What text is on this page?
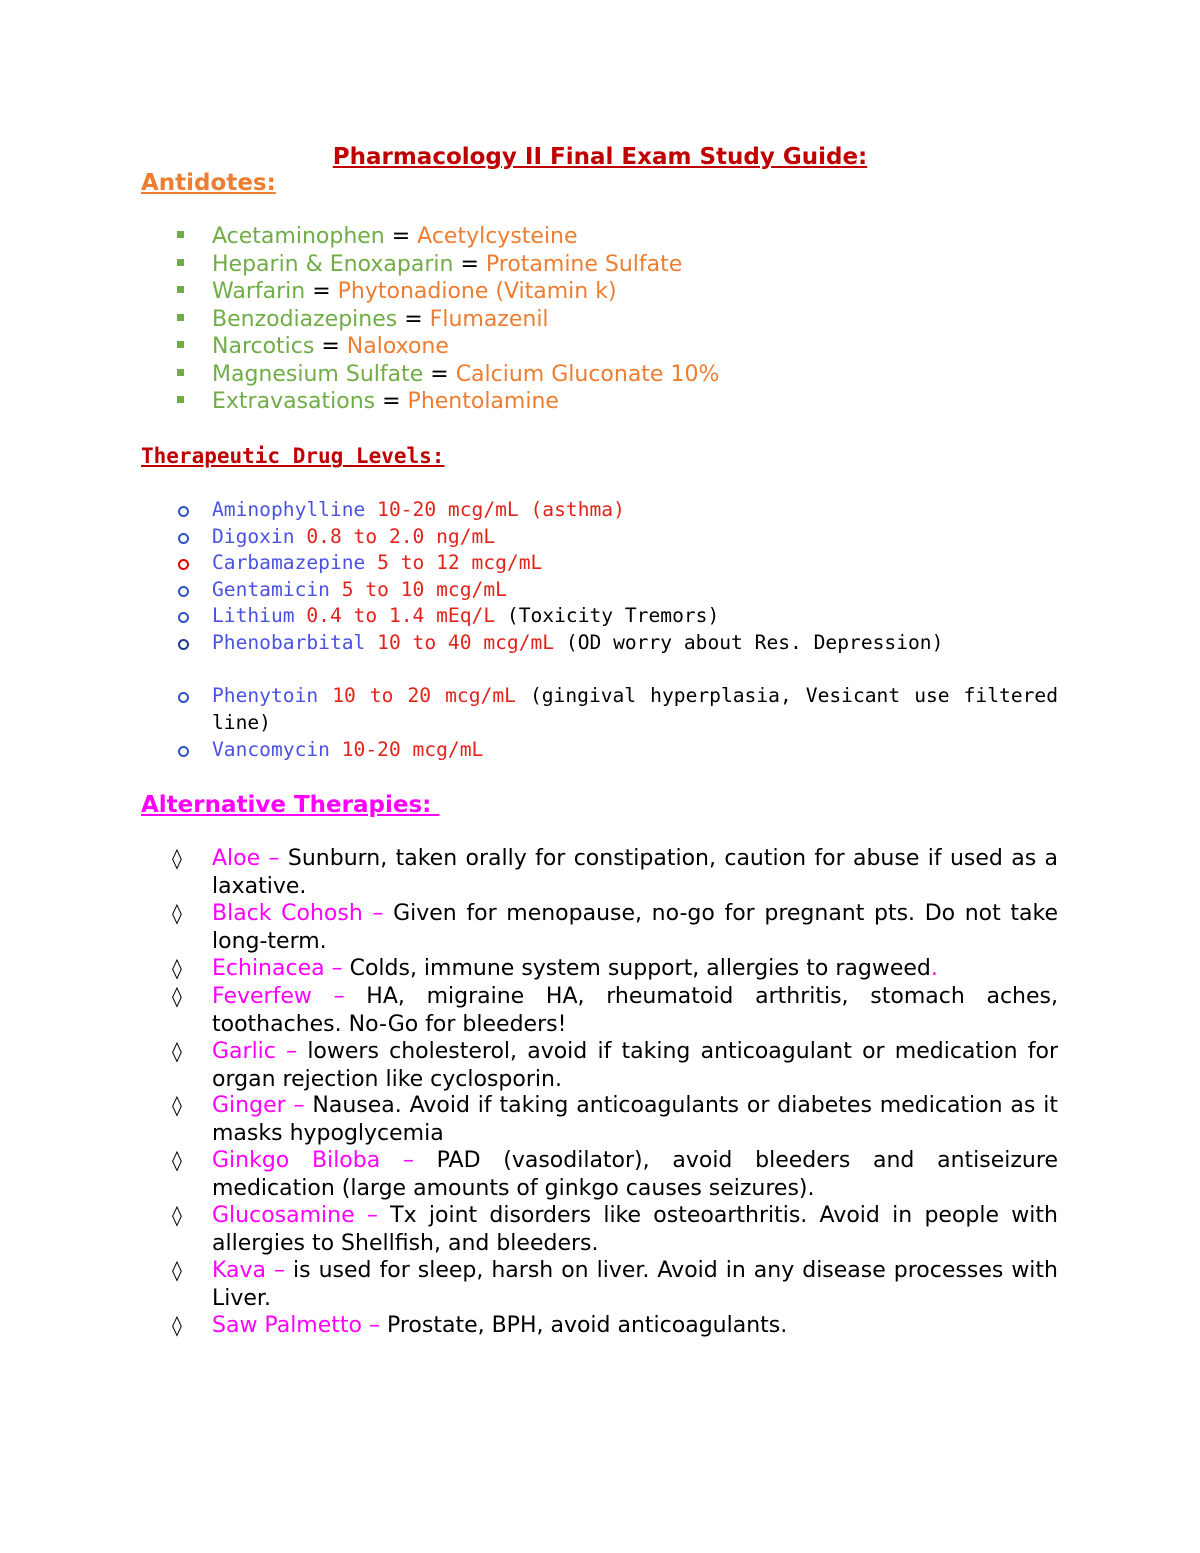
Pharmacology II Final Exam Study Guide:
Antidotes:
Acetaminophen = Acetylcysteine
Heparin & Enoxaparin = Protamine Sulfate
Warfarin = Phytonadione (Vitamin k)
Benzodiazepines = Flumazenil
Narcotics = Naloxone
Magnesium Sulfate = Calcium Gluconate 10%
Extravasations = Phentolamine
Therapeutic Drug Levels:
Aminophylline 10-20 mcg/mL (asthma)
Digoxin 0.8 to 2.0 ng/mL
Carbamazepine 5 to 12 mcg/mL
Gentamicin 5 to 10 mcg/mL
Lithium 0.4 to 1.4 mEq/L (Toxicity Tremors)
Phenobarbital 10 to 40 mcg/mL (OD worry about Res. Depression)
Phenytoin 10 to 20 mcg/mL (gingival hyperplasia, Vesicant use filtered line)
Vancomycin 10-20 mcg/mL
Alternative Therapies:
◊ Aloe – Sunburn, taken orally for constipation, caution for abuse if used as a laxative.
◊ Black Cohosh – Given for menopause, no-go for pregnant pts. Do not take long-term.
◊ Echinacea – Colds, immune system support, allergies to ragweed.
◊ Feverfew – HA, migraine HA, rheumatoid arthritis, stomach aches, toothaches. No-Go for bleeders!
◊ Garlic – lowers cholesterol, avoid if taking anticoagulant or medication for organ rejection like cyclosporin.
◊ Ginger – Nausea. Avoid if taking anticoagulants or diabetes medication as it masks hypoglycemia
◊ Ginkgo Biloba – PAD (vasodilator), avoid bleeders and antiseizure medication (large amounts of ginkgo causes seizures).
◊ Glucosamine – Tx joint disorders like osteoarthritis. Avoid in people with allergies to Shellfish, and bleeders.
◊ Kava – is used for sleep, harsh on liver. Avoid in any disease processes with Liver.
◊ Saw Palmetto – Prostate, BPH, avoid anticoagulants.
